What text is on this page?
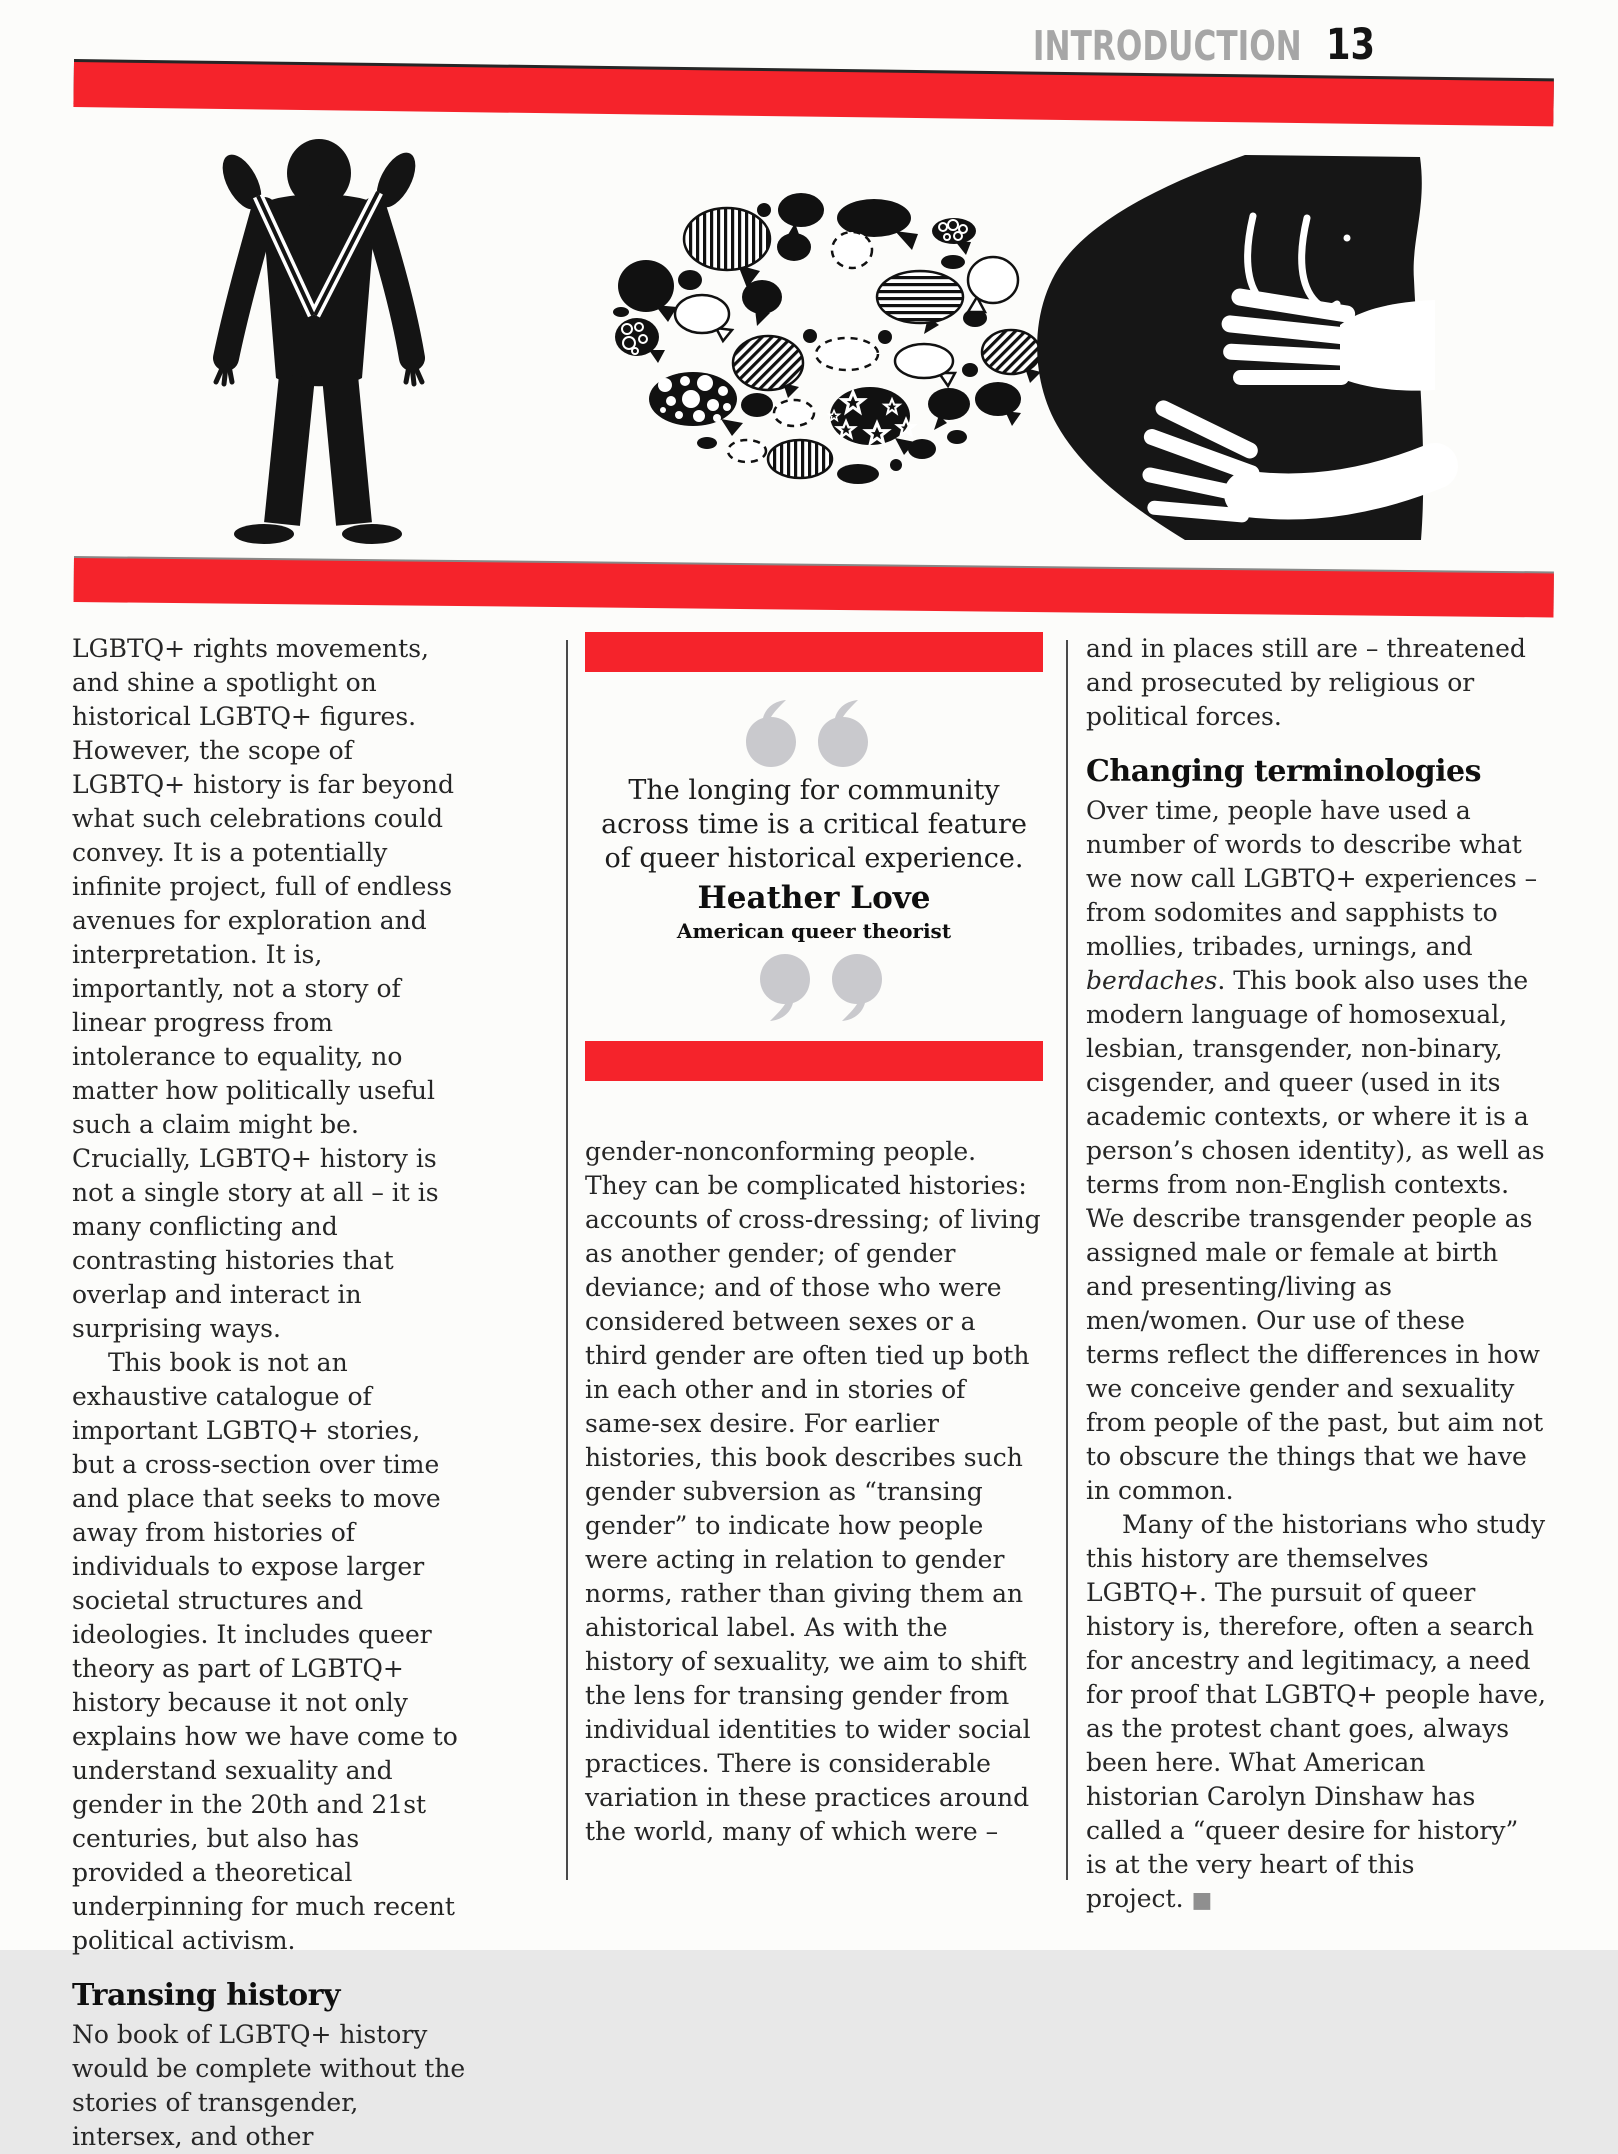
INTRODUCTION 13

LGBTQ+ rights movements, and shine a spotlight on historical LGBTQ+ figures. However, the scope of LGBTQ+ history is far beyond what such celebrations could convey. It is a potentially infinite project, full of endless avenues for exploration and interpretation. It is, importantly, not a story of linear progress from intolerance to equality, no matter how politically useful such a claim might be. Crucially, LGBTQ+ history is not a single story at all – it is many conflicting and contrasting histories that overlap and interact in surprising ways.

This book is not an exhaustive catalogue of important LGBTQ+ stories, but a cross-section over time and place that seeks to move away from histories of individuals to expose larger societal structures and ideologies. It includes queer theory as part of LGBTQ+ history because it not only explains how we have come to understand sexuality and gender in the 20th and 21st centuries, but also has provided a theoretical underpinning for much recent political activism.

Transing history

No book of LGBTQ+ history would be complete without the stories of transgender, intersex, and other

The longing for community across time is a critical feature of queer historical experience.
Heather Love
American queer theorist

gender-nonconforming people. They can be complicated histories: accounts of cross-dressing; of living as another gender; of gender deviance; and of those who were considered between sexes or a third gender are often tied up both in each other and in stories of same-sex desire. For earlier histories, this book describes such gender subversion as “transing gender” to indicate how people were acting in relation to gender norms, rather than giving them an ahistorical label. As with the history of sexuality, we aim to shift the lens for transing gender from individual identities to wider social practices. There is considerable variation in these practices around the world, many of which were –

and in places still are – threatened and prosecuted by religious or political forces.

Changing terminologies

Over time, people have used a number of words to describe what we now call LGBTQ+ experiences – from sodomites and sapphists to mollies, tribades, urnings, and berdaches. This book also uses the modern language of homosexual, lesbian, transgender, non-binary, cisgender, and queer (used in its academic contexts, or where it is a person’s chosen identity), as well as terms from non-English contexts. We describe transgender people as assigned male or female at birth and presenting/living as men/women. Our use of these terms reflect the differences in how we conceive gender and sexuality from people of the past, but aim not to obscure the things that we have in common.

Many of the historians who study this history are themselves LGBTQ+. The pursuit of queer history is, therefore, often a search for ancestry and legitimacy, a need for proof that LGBTQ+ people have, as the protest chant goes, always been here. What American historian Carolyn Dinshaw has called a “queer desire for history” is at the very heart of this project. ■
